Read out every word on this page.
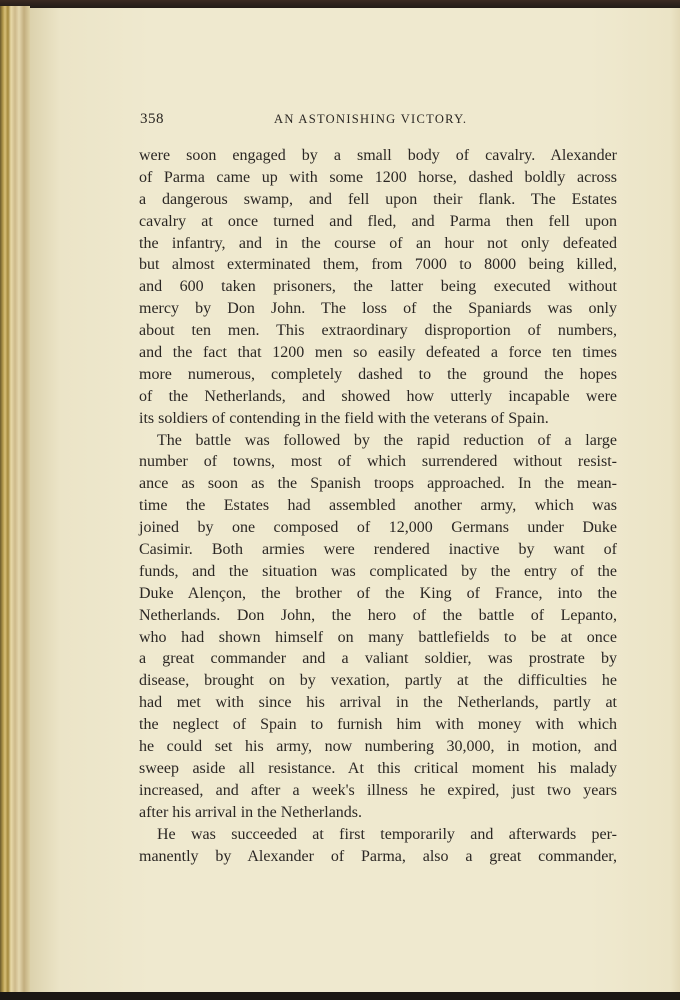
358	AN ASTONISHING VICTORY.
were soon engaged by a small body of cavalry. Alexander
of Parma came up with some 1200 horse, dashed boldly across
a dangerous swamp, and fell upon their flank. The Estates
cavalry at once turned and fled, and Parma then fell upon
the infantry, and in the course of an hour not only defeated
but almost exterminated them, from 7000 to 8000 being killed,
and 600 taken prisoners, the latter being executed without
mercy by Don John. The loss of the Spaniards was only
about ten men. This extraordinary disproportion of numbers,
and the fact that 1200 men so easily defeated a force ten times
more numerous, completely dashed to the ground the hopes
of the Netherlands, and showed how utterly incapable were
its soldiers of contending in the field with the veterans of Spain.
The battle was followed by the rapid reduction of a large
number of towns, most of which surrendered without resist-
ance as soon as the Spanish troops approached. In the mean-
time the Estates had assembled another army, which was
joined by one composed of 12,000 Germans under Duke
Casimir. Both armies were rendered inactive by want of
funds, and the situation was complicated by the entry of the
Duke Alençon, the brother of the King of France, into the
Netherlands. Don John, the hero of the battle of Lepanto,
who had shown himself on many battlefields to be at once
a great commander and a valiant soldier, was prostrate by
disease, brought on by vexation, partly at the difficulties he
had met with since his arrival in the Netherlands, partly at
the neglect of Spain to furnish him with money with which
he could set his army, now numbering 30,000, in motion, and
sweep aside all resistance. At this critical moment his malady
increased, and after a week's illness he expired, just two years
after his arrival in the Netherlands.
He was succeeded at first temporarily and afterwards per-
manently by Alexander of Parma, also a great commander,
